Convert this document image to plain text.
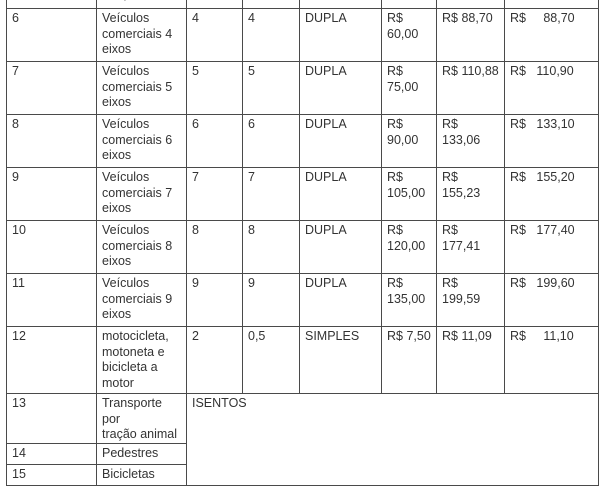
6	Veículos
comerciais 4
eixos	4	4	DUPLA	R$ 60,00	R$ 88,70	R$     88,70
7	Veículos
comerciais 5
eixos	5	5	DUPLA	R$ 75,00	R$ 110,88	R$   110,90
8	Veículos
comerciais 6
eixos	6	6	DUPLA	R$ 90,00	R$ 133,06	R$   133,10
9	Veículos
comerciais 7
eixos	7	7	DUPLA	R$
105,00	R$ 155,23	R$   155,20
10	Veículos
comerciais 8
eixos	8	8	DUPLA	R$
120,00	R$ 177,41	R$   177,40
11	Veículos
comerciais 9
eixos	9	9	DUPLA	R$
135,00	R$ 199,59	R$   199,60
12	motocicleta,
motoneta e
bicicleta a
motor	2	0,5	SIMPLES	R$ 7,50	R$ 11,09	R$     11,10
13	Transporte por
tração animal	ISENTOS					
14	Pedestres						
15	Bicicletas						
